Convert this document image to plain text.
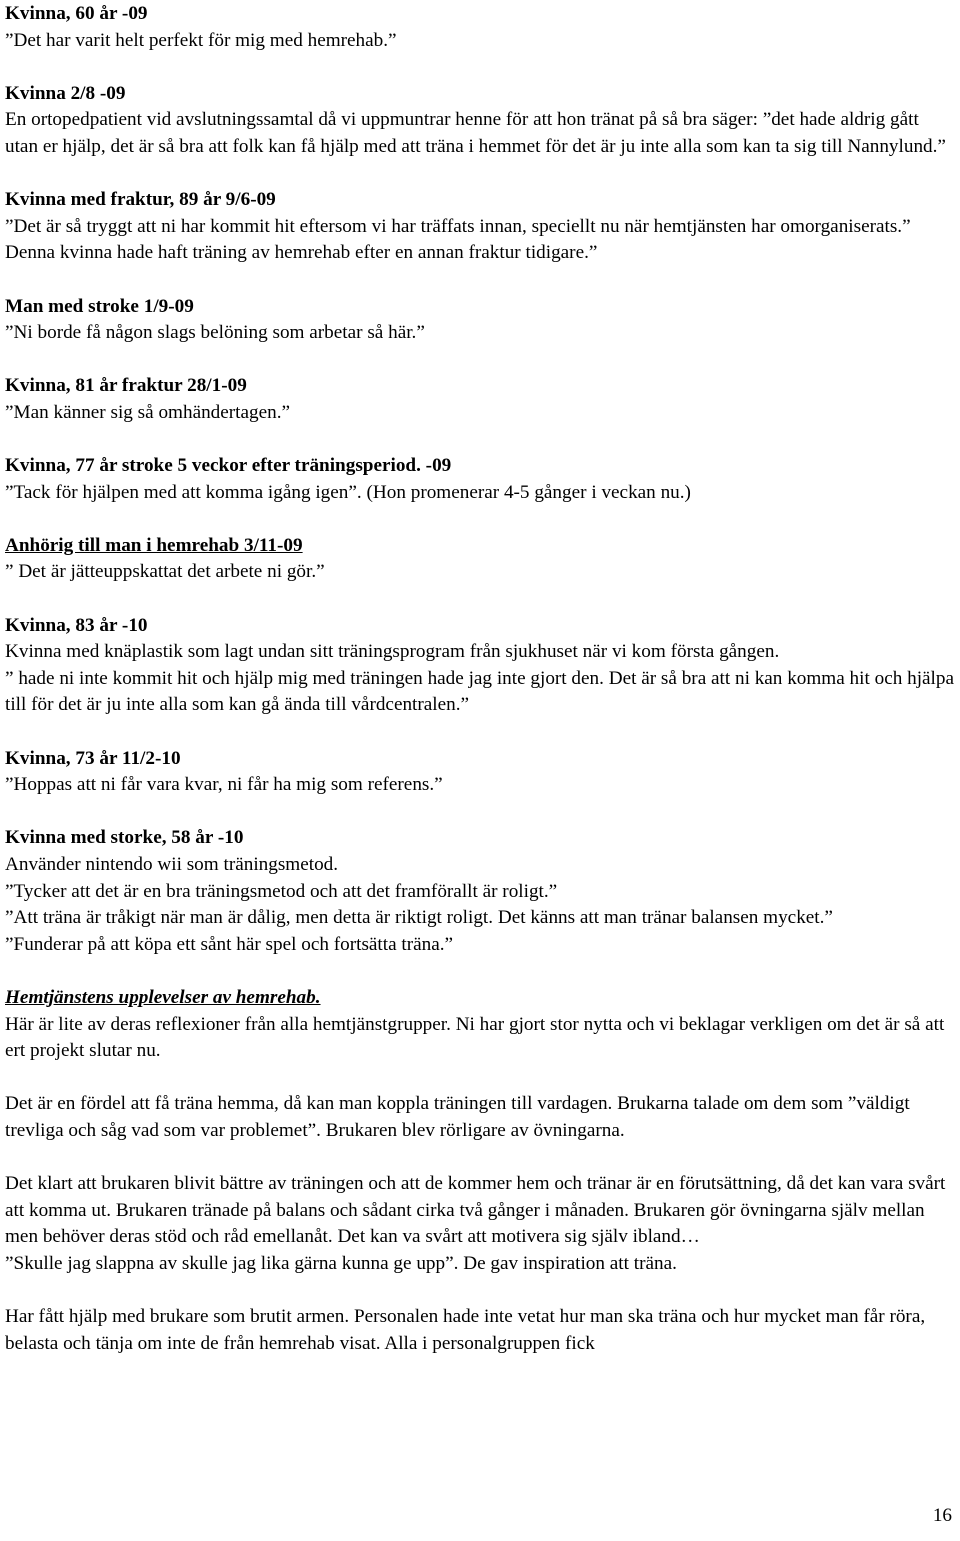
Kvinna, 60 år -09

”Det har varit helt perfekt för mig med hemrehab.”

Kvinna 2/8 -09

En ortopedpatient vid avslutningssamtal då vi uppmuntrar henne för att hon tränat på så bra säger: ”det hade aldrig gått utan er hjälp, det är så bra att folk kan få hjälp med att träna i hemmet för det är ju inte alla som kan ta sig till Nannylund.”

Kvinna med fraktur, 89 år 9/6-09

”Det är så tryggt att ni har kommit hit eftersom vi har träffats innan, speciellt nu när hemtjänsten har omorganiserats.”

Denna kvinna hade haft träning av hemrehab efter en annan fraktur tidigare.”

Man med stroke 1/9-09

”Ni borde få någon slags belöning som arbetar så här.”

Kvinna, 81 år fraktur 28/1-09

”Man känner sig så omhändertagen.”

Kvinna, 77 år stroke 5 veckor efter träningsperiod. -09

”Tack för hjälpen med att komma igång igen”. (Hon promenerar 4-5 gånger i veckan nu.)

Anhörig till man i hemrehab 3/11-09

” Det är jätteuppskattat det arbete ni gör.”

Kvinna, 83 år -10

Kvinna med knäplastik som lagt undan sitt träningsprogram från sjukhuset när vi kom första gången.

” hade ni inte kommit hit och hjälp mig med träningen hade jag inte gjort den. Det är så bra att ni kan komma hit och hjälpa till för det är ju inte alla som kan gå ända till vårdcentralen.”

Kvinna, 73 år 11/2-10

”Hoppas att ni får vara kvar, ni får ha mig som referens.”

Kvinna med storke, 58 år -10

Använder nintendo wii som träningsmetod.

”Tycker att det är en bra träningsmetod och att det framförallt är roligt.”

”Att träna är tråkigt när man är dålig, men detta är riktigt roligt. Det känns att man tränar balansen mycket.”

”Funderar på att köpa ett sånt här spel och fortsätta träna.”

Hemtjänstens upplevelser av hemrehab.

Här är lite av deras reflexioner från alla hemtjänstgrupper. Ni har gjort stor nytta och vi beklagar verkligen om det är så att ert projekt slutar nu.

Det är en fördel att få träna hemma, då kan man koppla träningen till vardagen. Brukarna talade om dem som ”väldigt trevliga och såg vad som var problemet”. Brukaren blev rörligare av övningarna.

Det klart att brukaren blivit bättre av träningen och att de kommer hem och tränar är en förutsättning, då det kan vara svårt att komma ut. Brukaren tränade på balans och sådant cirka två gånger i månaden. Brukaren gör övningarna själv mellan men behöver deras stöd och råd emellanåt. Det kan va svårt att motivera sig själv ibland…

”Skulle jag slappna av skulle jag lika gärna kunna ge upp”. De gav inspiration att träna.

Har fått hjälp med brukare som brutit armen. Personalen hade inte vetat hur man ska träna och hur mycket man får röra, belasta och tänja om inte de från hemrehab visat. Alla i personalgruppen fick

16
